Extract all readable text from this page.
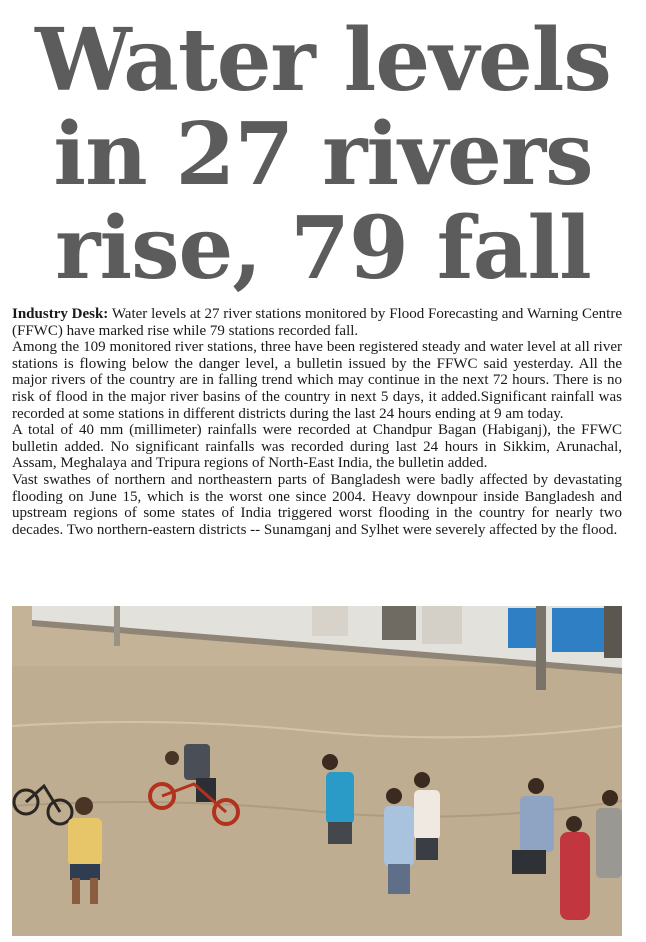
Water levels
in 27 rivers
rise, 79 fall

Industry Desk: Water levels at 27 river stations monitored by Flood Forecasting and Warning Centre (FFWC) have marked rise while 79 stations recorded fall.

Among the 109 monitored river stations, three have been registered steady and water level at all river stations is flowing below the danger level, a bulletin issued by the FFWC said yesterday. All the major rivers of the country are in falling trend which may continue in the next 72 hours. There is no risk of flood in the major river basins of the country in next 5 days, it added.Significant rainfall was recorded at some stations in different districts during the last 24 hours ending at 9 am today.

A total of 40 mm (millimeter) rainfalls were recorded at Chandpur Bagan (Habiganj), the FFWC bulletin added. No significant rainfalls was recorded during last 24 hours in Sikkim, Arunachal, Assam, Meghalaya and Tripura regions of North-East India, the bulletin added.

Vast swathes of northern and northeastern parts of Bangladesh were badly affected by devastating flooding on June 15, which is the worst one since 2004. Heavy downpour inside Bangladesh and upstream regions of some states of India triggered worst flooding in the country for nearly two decades. Two northern-eastern districts -- Sunamganj and Sylhet were severely affected by the flood.
